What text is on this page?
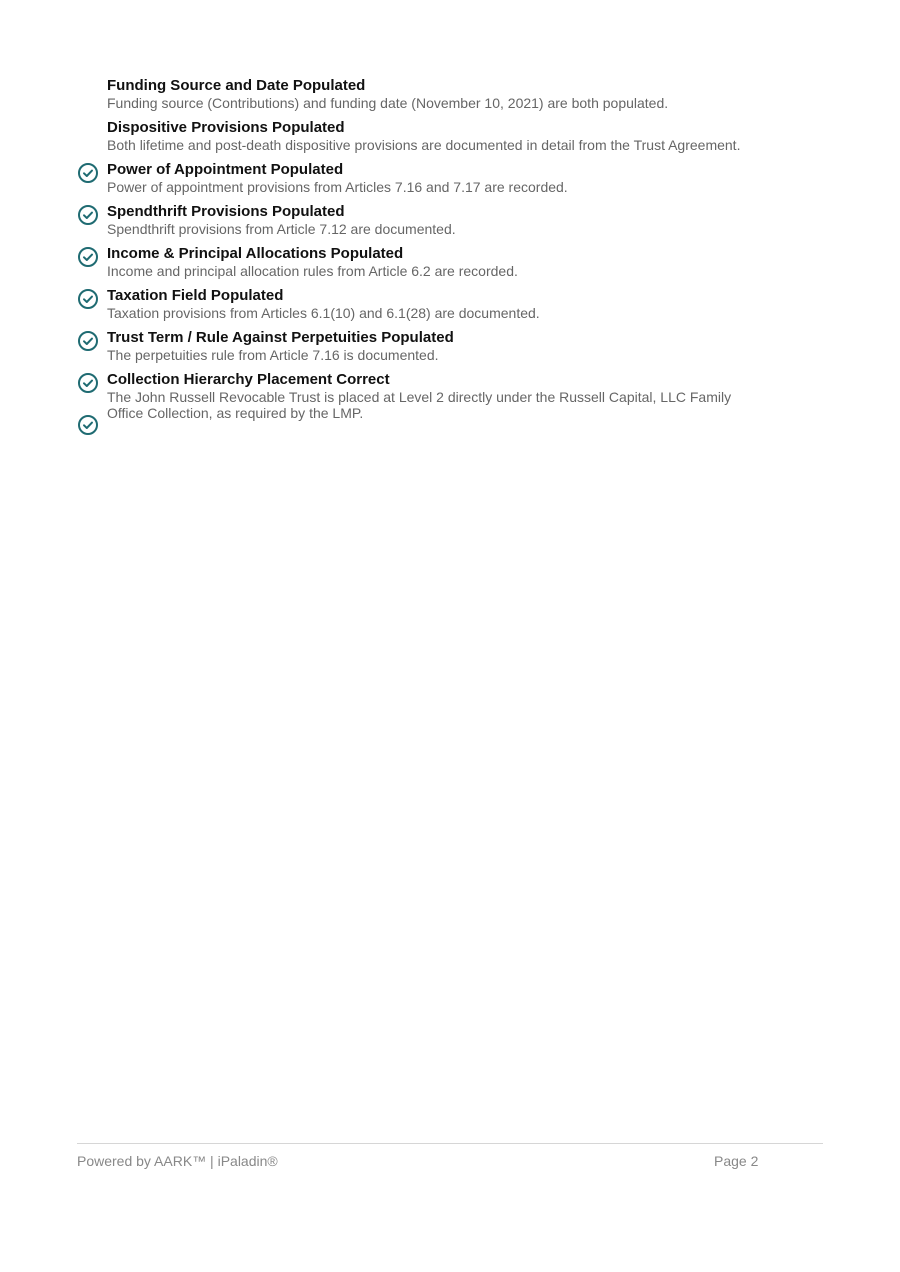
Funding Source and Date Populated
Funding source (Contributions) and funding date (November 10, 2021) are both populated.
Dispositive Provisions Populated
Both lifetime and post-death dispositive provisions are documented in detail from the Trust Agreement.
Power of Appointment Populated
Power of appointment provisions from Articles 7.16 and 7.17 are recorded.
Spendthrift Provisions Populated
Spendthrift provisions from Article 7.12 are documented.
Income & Principal Allocations Populated
Income and principal allocation rules from Article 6.2 are recorded.
Taxation Field Populated
Taxation provisions from Articles 6.1(10) and 6.1(28) are documented.
Trust Term / Rule Against Perpetuities Populated
The perpetuities rule from Article 7.16 is documented.
Collection Hierarchy Placement Correct
The John Russell Revocable Trust is placed at Level 2 directly under the Russell Capital, LLC Family Office Collection, as required by the LMP.
Powered by AARK™ | iPaladin®	Page 2
